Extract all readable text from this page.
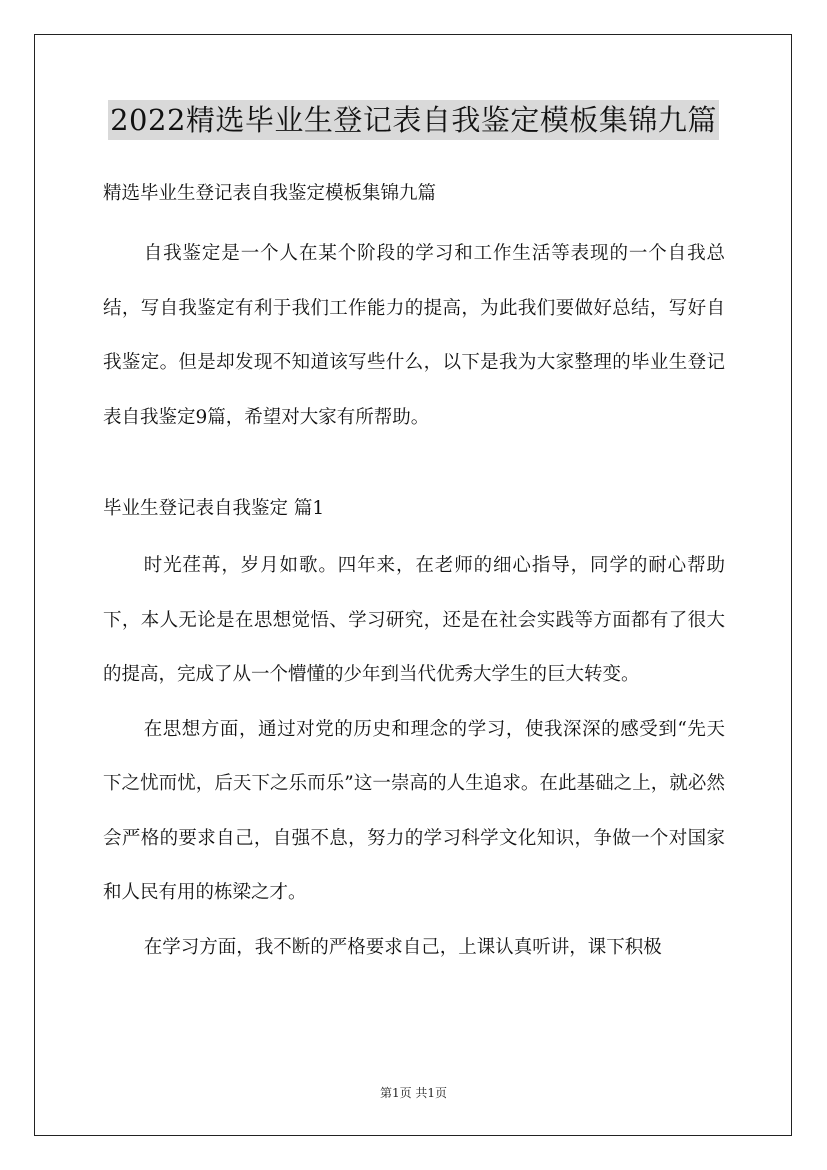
2022精选毕业生登记表自我鉴定模板集锦九篇

精选毕业生登记表自我鉴定模板集锦九篇

自我鉴定是一个人在某个阶段的学习和工作生活等表现的一个自我总结，写自我鉴定有利于我们工作能力的提高，为此我们要做好总结，写好自我鉴定。但是却发现不知道该写些什么，以下是我为大家整理的毕业生登记表自我鉴定9篇，希望对大家有所帮助。

毕业生登记表自我鉴定 篇1

时光荏苒，岁月如歌。四年来，在老师的细心指导，同学的耐心帮助下，本人无论是在思想觉悟、学习研究，还是在社会实践等方面都有了很大的提高，完成了从一个懵懂的少年到当代优秀大学生的巨大转变。

在思想方面，通过对党的历史和理念的学习，使我深深的感受到“先天下之忧而忧，后天下之乐而乐”这一崇高的人生追求。在此基础之上，就必然会严格的要求自己，自强不息，努力的学习科学文化知识，争做一个对国家和人民有用的栋梁之才。

在学习方面，我不断的严格要求自己，上课认真听讲，课下积极

第1页 共1页
